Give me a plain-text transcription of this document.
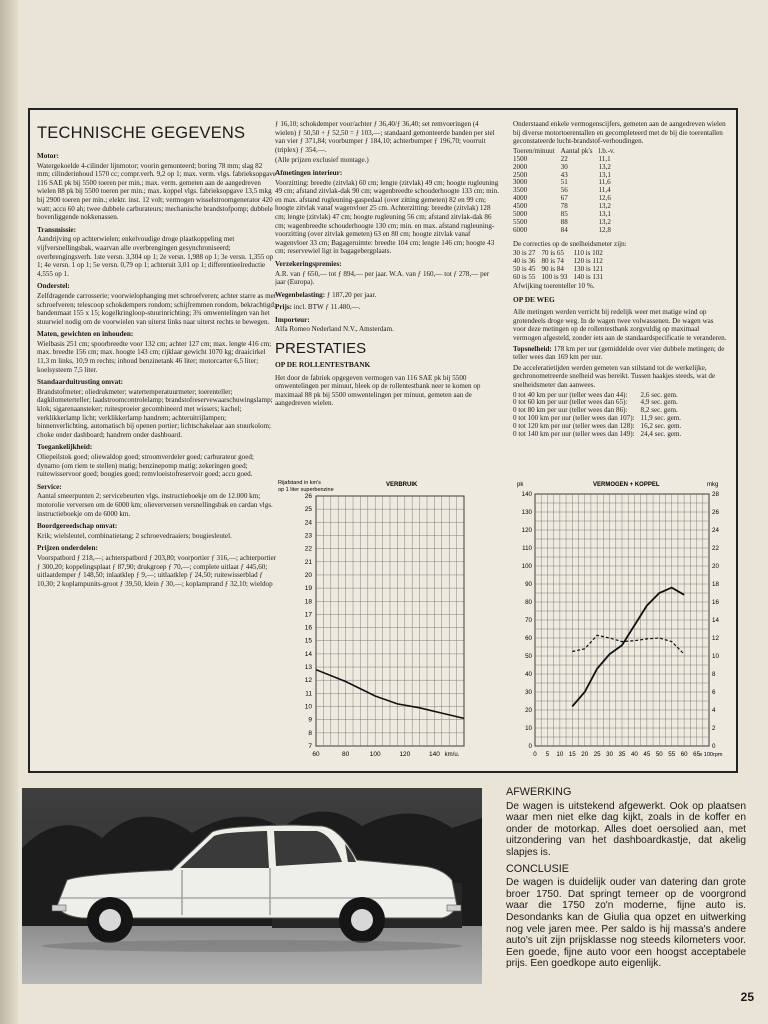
TECHNISCHE GEGEVENS
Motor:

Watergekoelde 4-cilinder lijnmotor; voorin gemonteerd; boring 78 mm; slag 82 mm; cilinderinhoud 1570 cc; compr.verh. 9,2 op 1; max. verm. vlgs. fabrieksopgave 116 SAE pk bij 5500 toeren per min.; max. verm. gemeten aan de aangedreven wielen 88 pk bij 5500 toeren per min.; max. koppel vlgs. fabrieksopgave 13,5 mkg bij 2900 toeren per min.; elektr. inst. 12 volt; vermogen wisselstroomgenerator 420 watt; accu 60 ah; twee dubbele carburateurs; mechanische brandstofpomp; dubbele bovenliggende nokkenassen.

Transmissie:

Aandrijving op achterwielen; enkelvoudige droge plaatkoppeling met vijfversnellingsbak, waarvan alle overbrengingen gesynchroniseerd; overbrengingsverh. 1ste versn. 3,304 op 1; 2e versn. 1,988 op 1; 3e versn. 1,355 op 1; 4e versn. 1 op 1; 5e versn. 0,79 op 1; achteruit 3,01 op 1; differentieelreductie 4,555 op 1.

Onderstel:

Zelfdragende carrosserie; voorwielophanging met schroefveren; achter starre as met schroefveren; telescoop schokdempers rondom; schijfremmen rondom, bekrachtigd; bandenmaat 155 x 15; kogelkringloop-stuurinrichting; 3¾ omwentelingen van het stuurwiel nodig om de voorwielen van uiterst links naar uiterst rechts te bewegen.

Maten, gewichten en inhouden:

Wielbasis 251 cm; spoorbreedte voor 132 cm; achter 127 cm; max. lengte 416 cm; max. breedte 156 cm; max. hoogte 143 cm; rijklaar gewicht 1070 kg; draaicirkel 11,3 m links, 10,9 m rechts; inhoud benzinetank 46 liter; motorcarter 6,5 liter; koelsysteem 7,5 liter.

Standaarduitrusting omvat:

Brandstofmeter; oliedrukmeter; watertemperatuurmeter; toerenteller; dagkilometerteller; laadstroomcontrolelamp; brandstofreservewaarschuwingslamp; klok; sigarenaansteker; ruitesproeier gecombineerd met wissers; kachel; verklikkerlamp licht; verklikkerlamp handrem; achteruitrijlampen; binnenverlichting, automatisch bij openen portier; lichtschakelaar aan stuurkolom; choke onder dashboard; handrem onder dashboard.

Toegankelijkheid:

Oliepeilstok goed; oliewaldop goed; stroomverdeler goed; carburateur goed; dynamo (om riem te stellen) matig; benzinepomp matig; zekeringen goed; ruitewisservoor goed; bougies goed; remvloeistofreservoir goed; accu goed.

Service:

Aantal smeerpunten 2; servicebeurten vlgs. instructieboekje om de 12.000 km; motorolie verversen om de 6000 km; olieverversen versnellingsbak en cardan vlgs. instructieboekje om de 6000 km.

Boordgereedschap omvat:

Krik; wielsleutel, combinatietang; 2 schroevedraaiers; bougiesleutel.

Prijzen onderdelen:

Voorspatbord ƒ 218,—; achterspatbord ƒ 203,80; voorportier ƒ 316,—; achterportier ƒ 300,20; koppelingsplaat ƒ 87,90; drukgroep ƒ 70,—; complete uitlaat ƒ 445,60; uitlaatdemper ƒ 148,50; inlaatklep ƒ 9,—; uitlaatklep ƒ 24,50; ruitewisserblad ƒ 10,30; 2 koplampunits-groot ƒ 39,50, klein ƒ 30,—; koplamprand ƒ 32,10; wieldop

ƒ 16,10; schokdemper voor/achter ƒ 36,40/ƒ 36,40; set remvoeringen (4 wielen) ƒ 50,50 + ƒ 52,50 = ƒ 103,—; standaard gemonteerde banden per stel van vier ƒ 371,84; voorbumper ƒ 184,10; achterbumper ƒ 196,70; voorruit (triplex) ƒ 354,—.

(Alle prijzen exclusief montage.)

Afmetingen interieur:

Voorzitting: breedte (zitvlak) 60 cm; lengte (zitvlak) 49 cm; hoogte rugleuning 49 cm; afstand zitvlak-dak 90 cm; wagenbreedte schouderhoogte 133 cm; min. en max. afstand rugleuning-gaspedaal (over zitting gemeten) 82 en 99 cm; hoogte zitvlak vanaf wagenvloer 25 cm. Achterzitting: breedte (zitvlak) 128 cm; lengte (zitvlak) 47 cm; hoogte rugleuning 56 cm; afstand zitvlak-dak 86 cm; wagenbreedte schouderhoogte 130 cm; min. en max. afstand rugleuning-voorzitting (over zitvlak gemeten) 63 en 80 cm; hoogte zitvlak vanaf wagenvloer 33 cm; Bagageruimte: breedte 104 cm; lengte 146 cm; hoogte 43 cm; reservewiel ligt in bagagebergplaats.

Verzekeringspremies:

A.R. van ƒ 650,— tot ƒ 894,— per jaar. W.A. van ƒ 160,— tot ƒ 278,— per jaar (Europa).

Wegenbelasting: ƒ 187,20 per jaar.

Prijs: incl. BTW ƒ 11.480,—.

Importeur:

Alfa Romeo Nederland N.V., Amsterdam.

PRESTATIES
OP DE ROLLENTESTBANK

Het door de fabriek opgegeven vermogen van 116 SAE pk bij 5500 omwentelingen per minuut, bleek op de rollentestbank neer te komen op maximaal 88 pk bij 5500 omwentelingen per minuut, gemeten aan de aangedreven wielen.

Onderstaand enkele vermogenscijfers, gemeten aan de aangedreven wielen bij diverse motortoerentallen en gecompleteerd met de bij die toerentallen geconstateerde lucht-brandstof-verhoudingen.

Toeren/minuut	Aantal pk's	l.b.-v.
1500	22	11,1
2000	30	13,2
2500	43	13,1
3000	51	11,6
3500	56	11,4
4000	67	12,6
4500	78	13,2
5000	85	13,1
5500	88	13,2
6000	84	12,8

De correcties op de snelheidsmeter zijn:

30 is 27	70 is 65	110 is 102
40 is 36	80 is 74	120 is 112
50 is 45	90 is 84	130 is 121
60 is 55	100 is 93	140 is 131

Afwijking toerenteller 10 %.

OP DE WEG

Alle metingen werden verricht bij redelijk weer met matige wind op grotendeels droge weg. In de wagen twee volwassenen. De wagen was voor deze metingen op de rollentestbank zorgvuldig op maximaal vermogen afgesteld, zonder iets aan de standaardspecificatie te veranderen.

Topsnelheid: 178 km per uur (gemiddelde over vier dubbele metingen; de teller wees dan 169 km per uur.

De acceleratietijden werden gemeten van stilstand tot de werkelijke, gechronometreerde snelheid was bereikt. Tussen haakjes steeds, wat de snelheidsmeter dan aanwees.

0 tot 40 km per uur (teller wees dan 44):	2,6 sec. gem.
0 tot 60 km per uur (teller wees dan 65):	4,9 sec. gem.
0 tot 80 km per uur (teller wees dan 86):	8,2 sec. gem.
0 tot 100 km per uur (teller wees dan 107):	11,9 sec. gem.
0 tot 120 km per uur (teller wees dan 128):	16,2 sec. gem.
0 tot 140 km per uur (teller wees dan 149):	24,4 sec. gem.
26
25
24
23
22
21
20
19
18
17
16
15
14
13
12
11
10
9
8
7
60	80	100	120	140 km/u.
Rijafstand in km's
op 1 liter superbenzine
VERBRUIK
0
10
20
30
40
50
60
70
80
90
100
110
120
130
140
0
2
4
6
8
10
12
14
16
18
20
22
24
26
28
0 5 10 15 20 25 30 35 40 45 50 55 60 65 x 100rpm
pk	mkg
VERMOGEN + KOPPEL
AFWERKING

De wagen is uitstekend afgewerkt. Ook op plaatsen waar men niet elke dag kijkt, zoals in de koffer en onder de motorkap. Alles doet oersolied aan, met uitzondering van het dashboardkastje, dat akelig slapjes is.

CONCLUSIE

De wagen is duidelijk ouder van datering dan grote broer 1750. Dat springt temeer op de voorgrond waar die 1750 zo'n moderne, fijne auto is. Desondanks kan de Giulia qua opzet en uitwerking nog vele jaren mee. Per saldo is hij massa's andere auto's uit zijn prijsklasse nog steeds kilometers voor. Een goede, fijne auto voor een hoogst acceptabele prijs. Een goedkope auto eigenlijk.

25
